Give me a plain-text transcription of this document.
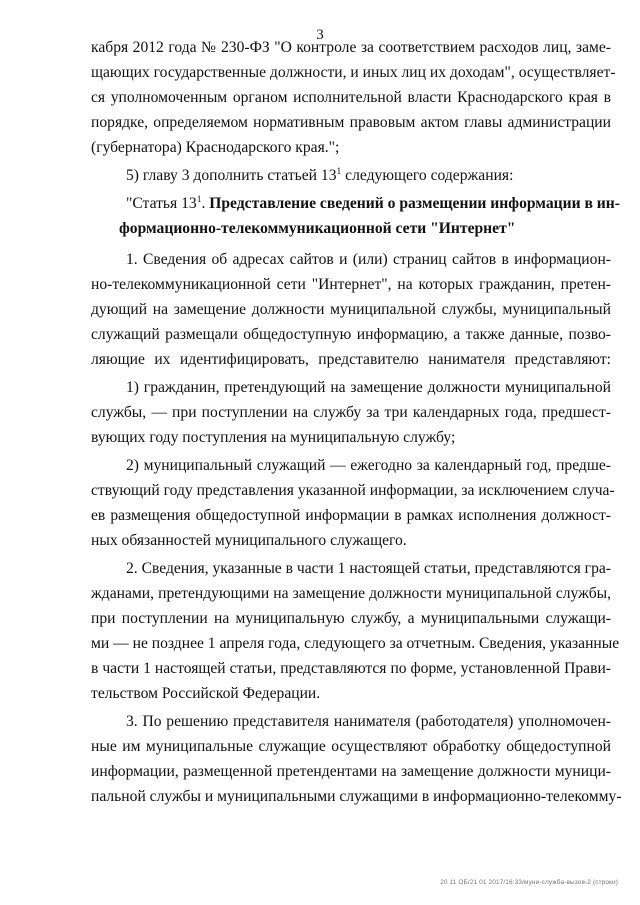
3
кабря 2012 года № 230-ФЗ "О контроле за соответствием расходов лиц, заме-
щающих государственные должности, и иных лиц их доходам", осуществляет-
ся уполномоченным органом исполнительной власти Краснодарского края в
порядке, определяемом нормативным правовым актом главы администрации
(губернатора) Краснодарского края.";
5) главу 3 дополнить статьей $13^1$ следующего содержания:
"Статья $13^1$. Представление сведений о размещении информации в ин-
формационно-телекоммуникационной сети "Интернет"
1. Сведения об адресах сайтов и (или) страниц сайтов в информацион-
но-телекоммуникационной сети "Интернет", на которых гражданин, претен-
дующий на замещение должности муниципальной службы, муниципальный
служащий размещали общедоступную информацию, а также данные, позво-
ляющие их идентифицировать, представителю нанимателя представляют:
1) гражданин, претендующий на замещение должности муниципальной
службы, — при поступлении на службу за три календарных года, предшест-
вующих году поступления на муниципальную службу;
2) муниципальный служащий — ежегодно за календарный год, предше-
ствующий году представления указанной информации, за исключением случа-
ев размещения общедоступной информации в рамках исполнения должност-
ных обязанностей муниципального служащего.
2. Сведения, указанные в части 1 настоящей статьи, представляются гра-
жданами, претендующими на замещение должности муниципальной службы,
при поступлении на муниципальную службу, а муниципальными служащи-
ми — не позднее 1 апреля года, следующего за отчетным. Сведения, указанные
в части 1 настоящей статьи, представляются по форме, установленной Прави-
тельством Российской Федерации.
3. По решению представителя нанимателя (работодателя) уполномочен-
ные им муниципальные служащие осуществляют обработку общедоступной
информации, размещенной претендентами на замещение должности муници-
пальной службы и муниципальными служащими в информационно-телекомму-
20 11 ОБ/21 01 2017/16:33/муни-служба-вызов-2 (строки)
